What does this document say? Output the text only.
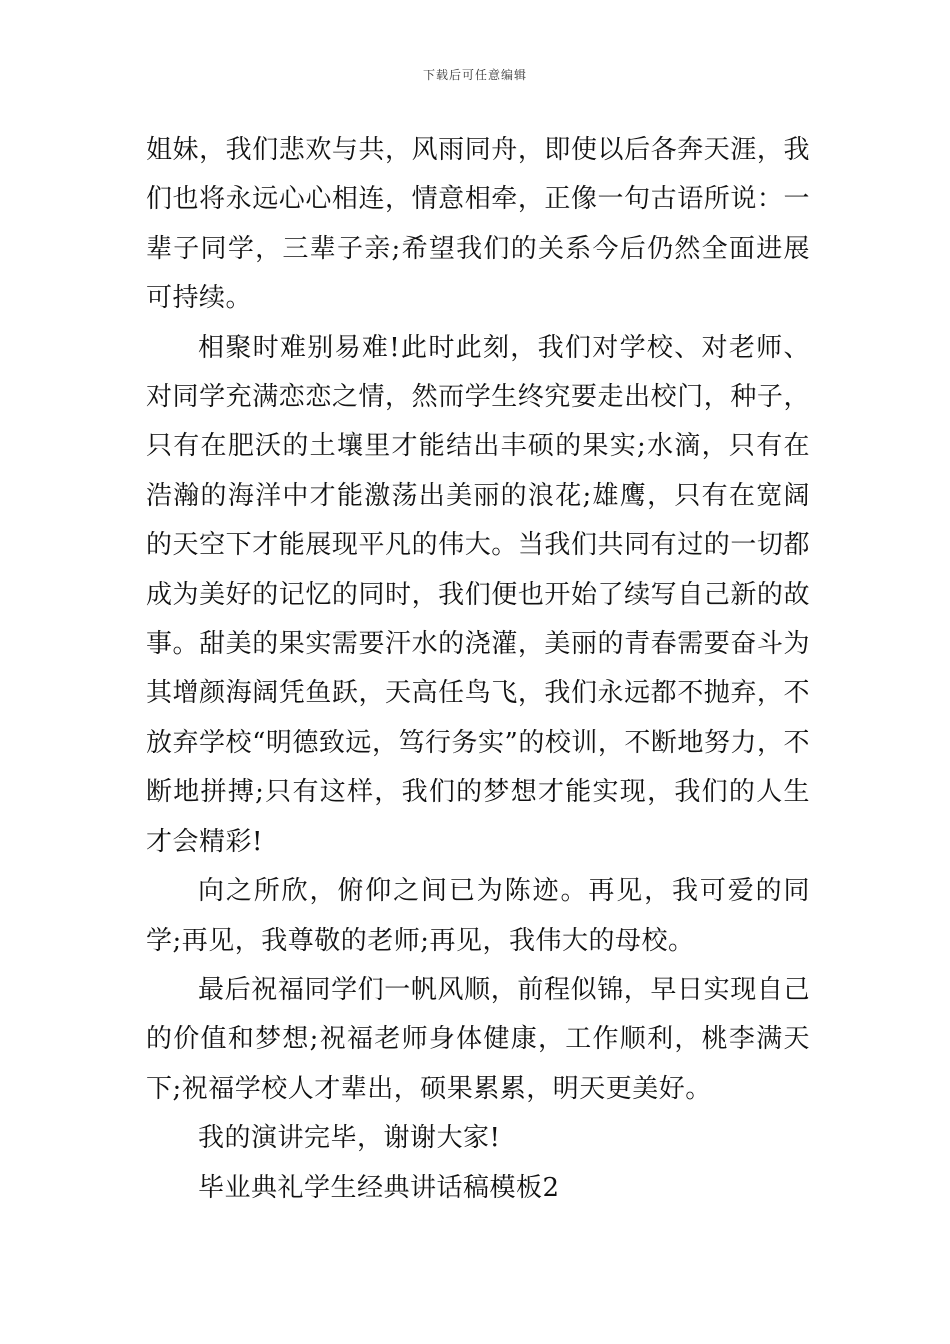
下载后可任意编辑

姐妹，我们悲欢与共，风雨同舟，即使以后各奔天涯，我们也将永远心心相连，情意相牵，正像一句古语所说：一辈子同学，三辈子亲;希望我们的关系今后仍然全面进展可持续。

相聚时难别易难!此时此刻，我们对学校、对老师、对同学充满恋恋之情，然而学生终究要走出校门，种子，只有在肥沃的土壤里才能结出丰硕的果实;水滴，只有在浩瀚的海洋中才能激荡出美丽的浪花;雄鹰，只有在宽阔的天空下才能展现平凡的伟大。当我们共同有过的一切都成为美好的记忆的同时，我们便也开始了续写自己新的故事。甜美的果实需要汗水的浇灌，美丽的青春需要奋斗为其增颜海阔凭鱼跃，天高任鸟飞，我们永远都不抛弃，不放弃学校“明德致远，笃行务实”的校训，不断地努力，不断地拼搏;只有这样，我们的梦想才能实现，我们的人生才会精彩!

向之所欣，俯仰之间已为陈迹。再见，我可爱的同学;再见，我尊敬的老师;再见，我伟大的母校。

最后祝福同学们一帆风顺，前程似锦，早日实现自己的价值和梦想;祝福老师身体健康，工作顺利，桃李满天下;祝福学校人才辈出，硕果累累，明天更美好。

我的演讲完毕，谢谢大家!

毕业典礼学生经典讲话稿模板2
